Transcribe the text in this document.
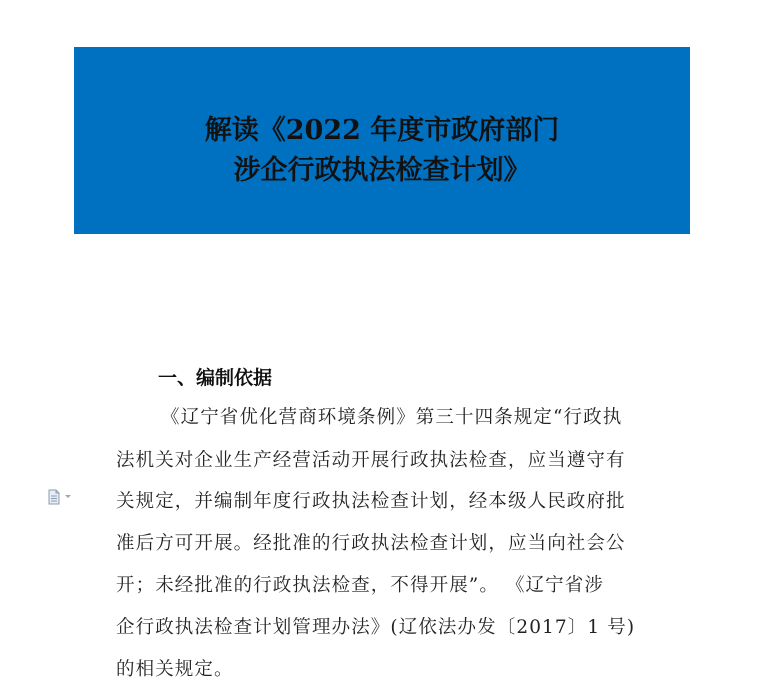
解读《2022 年度市政府部门
涉企行政执法检查计划》
一、编制依据
《辽宁省优化营商环境条例》第三十四条规定“行政执
法机关对企业生产经营活动开展行政执法检查，应当遵守有
关规定，并编制年度行政执法检查计划，经本级人民政府批
准后方可开展。经批准的行政执法检查计划，应当向社会公
开；未经批准的行政执法检查，不得开展”。 《辽宁省涉
企行政执法检查计划管理办法》(辽依法办发〔2017〕1 号)
的相关规定。
